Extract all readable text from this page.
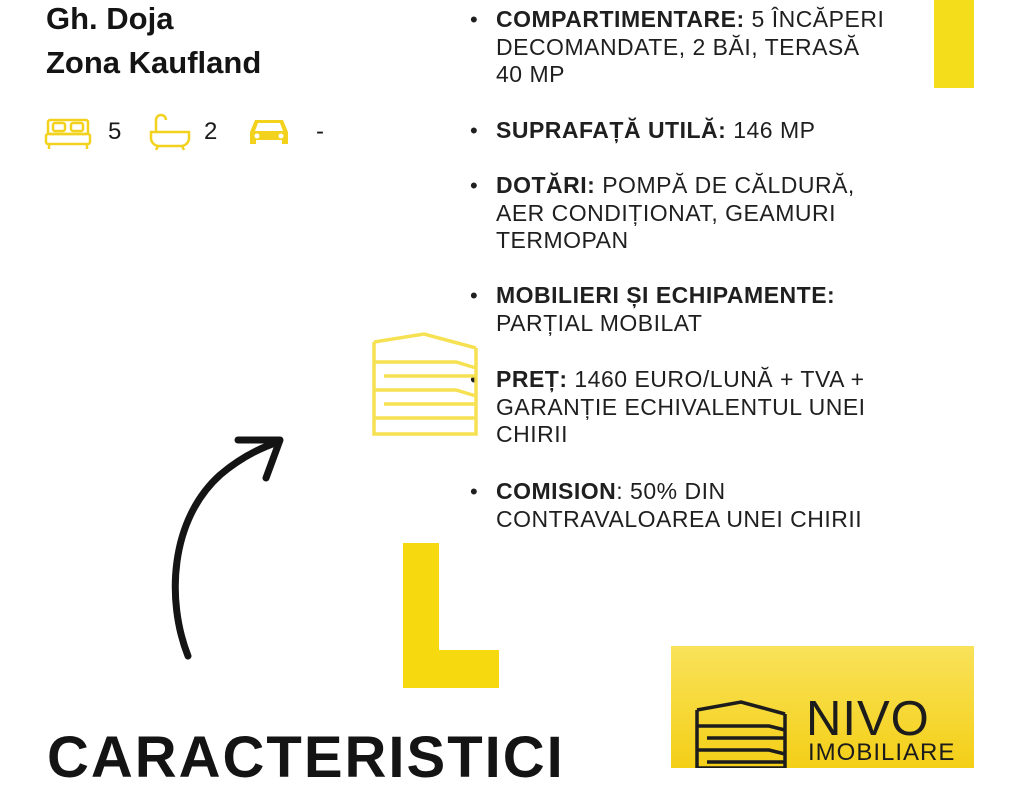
Gh. Doja
Zona Kaufland
5	2	-
• COMPARTIMENTARE: 5 ÎNCĂPERI DECOMANDATE, 2 BĂI, TERASĂ 40 MP
• SUPRAFAȚĂ UTILĂ: 146 MP
• DOTĂRI: POMPĂ DE CĂLDURĂ, AER CONDIȚIONAT, GEAMURI TERMOPAN
• MOBILIERI ȘI ECHIPAMENTE: PARȚIAL MOBILAT
• PREȚ: 1460 EURO/LUNĂ + TVA + GARANȚIE ECHIVALENTUL UNEI CHIRII
• COMISION: 50% DIN CONTRAVALOAREA UNEI CHIRII
NIVO
IMOBILIARE
CARACTERISTICI
